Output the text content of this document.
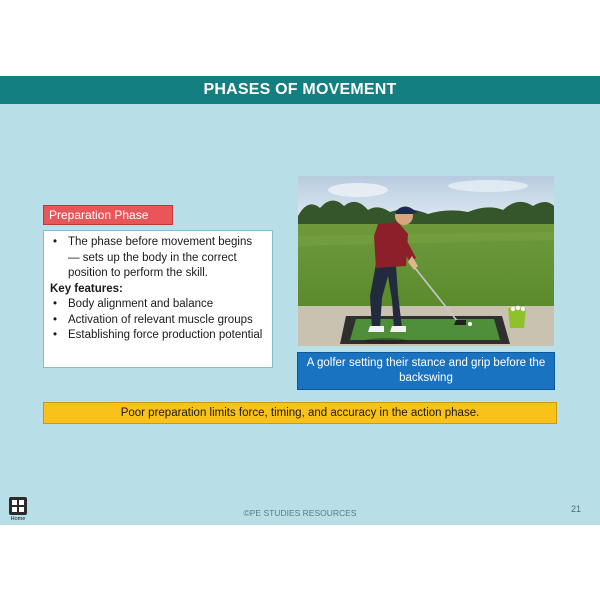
PHASES OF MOVEMENT
Preparation Phase
• The phase before movement begins — sets up the body in the correct position to perform the skill.
Key features:
• Body alignment and balance
• Activation of relevant muscle groups
• Establishing force production potential
A golfer setting their stance and grip before the backswing
Poor preparation limits force, timing, and accuracy in the action phase.
Home
©PE STUDIES RESOURCES	21
